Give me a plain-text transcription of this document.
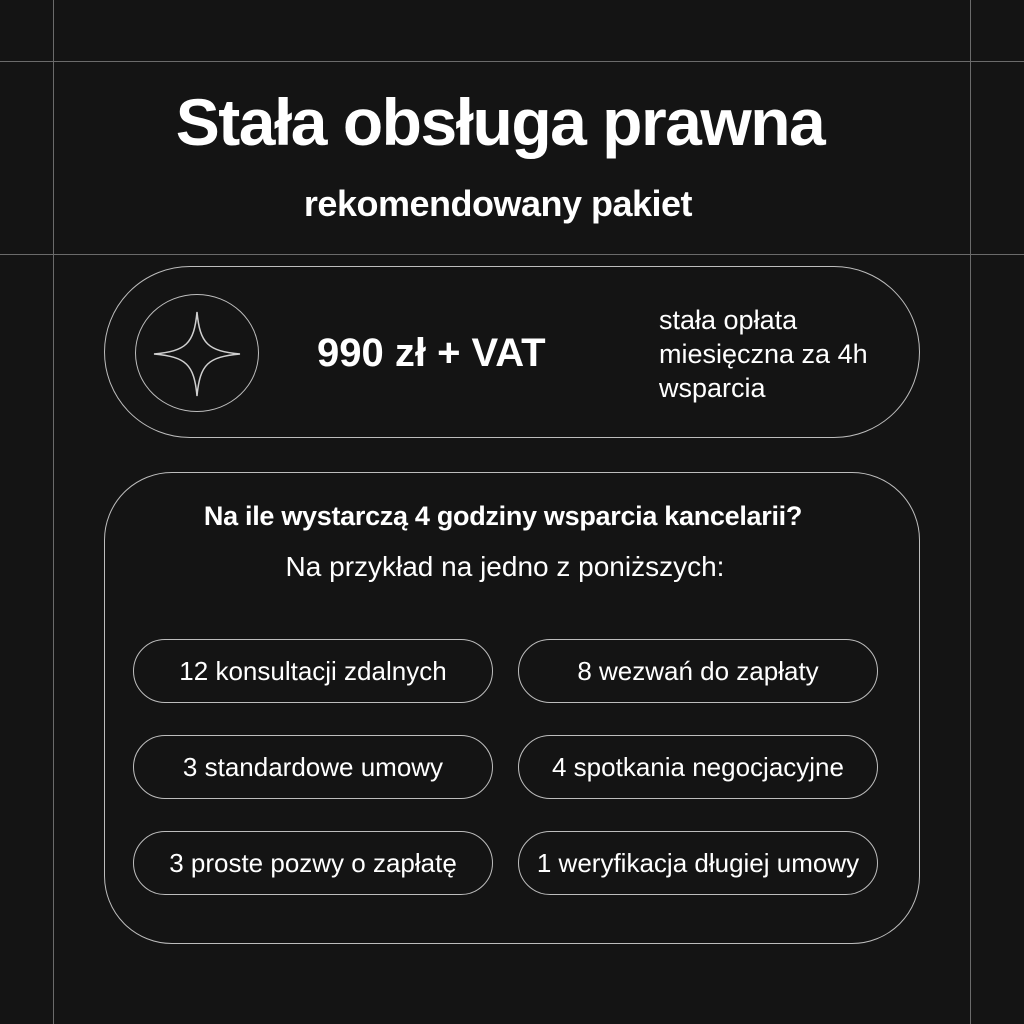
Stała obsługa prawna
rekomendowany pakiet
990 zł + VAT
stała opłata miesięczna za 4h wsparcia
Na ile wystarczą 4 godziny wsparcia kancelarii?
Na przykład na jedno z poniższych:
12 konsultacji zdalnych	8 wezwań do zapłaty
3 standardowe umowy	4 spotkania negocjacyjne
3 proste pozwy o zapłatę	1 weryfikacja długiej umowy
